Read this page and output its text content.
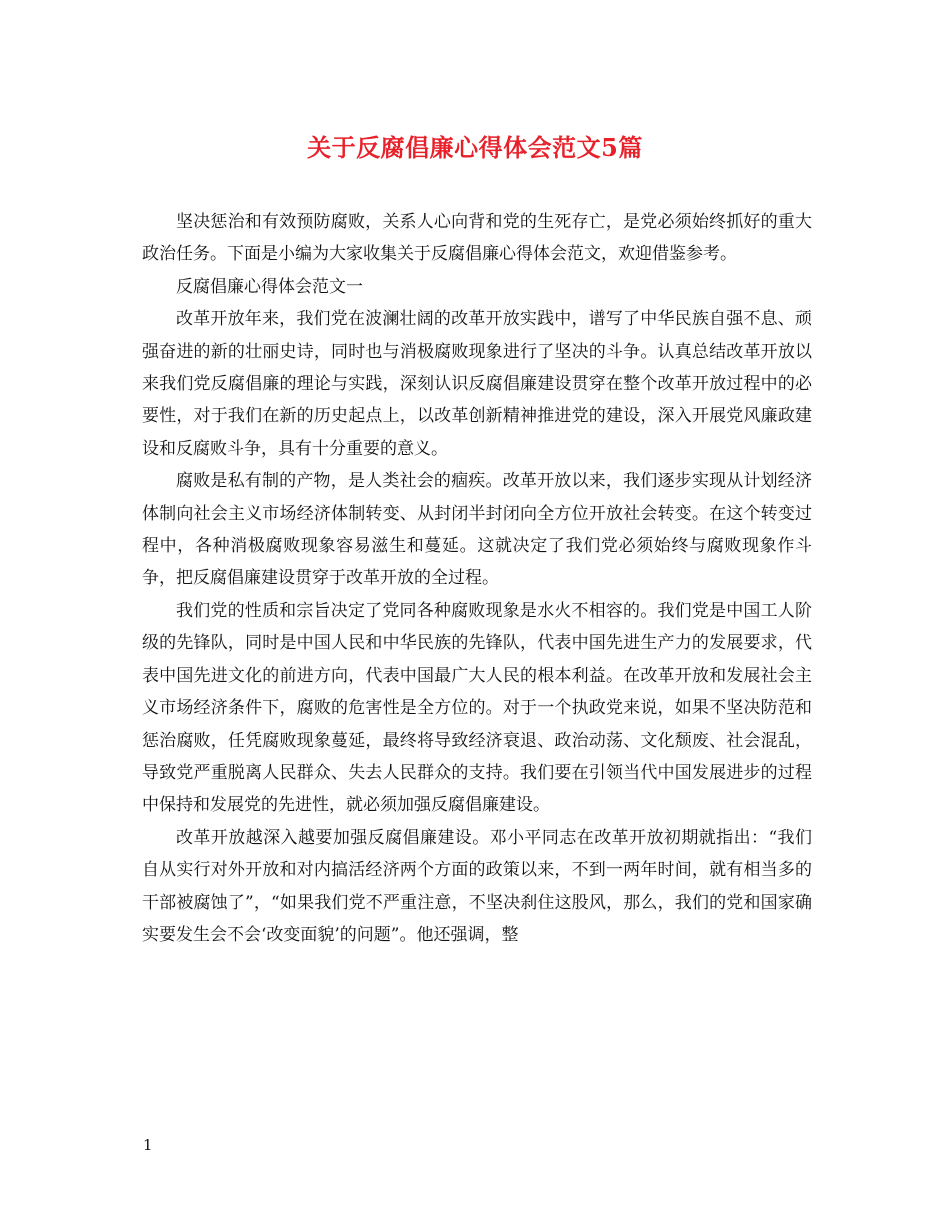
关于反腐倡廉心得体会范文5篇

坚决惩治和有效预防腐败，关系人心向背和党的生死存亡，是党必须始终抓好的重大政治任务。下面是小编为大家收集关于反腐倡廉心得体会范文，欢迎借鉴参考。

反腐倡廉心得体会范文一

改革开放年来，我们党在波澜壮阔的改革开放实践中，谱写了中华民族自强不息、顽强奋进的新的壮丽史诗，同时也与消极腐败现象进行了坚决的斗争。认真总结改革开放以来我们党反腐倡廉的理论与实践，深刻认识反腐倡廉建设贯穿在整个改革开放过程中的必要性，对于我们在新的历史起点上，以改革创新精神推进党的建设，深入开展党风廉政建设和反腐败斗争，具有十分重要的意义。

腐败是私有制的产物，是人类社会的痼疾。改革开放以来，我们逐步实现从计划经济体制向社会主义市场经济体制转变、从封闭半封闭向全方位开放社会转变。在这个转变过程中，各种消极腐败现象容易滋生和蔓延。这就决定了我们党必须始终与腐败现象作斗争，把反腐倡廉建设贯穿于改革开放的全过程。

我们党的性质和宗旨决定了党同各种腐败现象是水火不相容的。我们党是中国工人阶级的先锋队，同时是中国人民和中华民族的先锋队，代表中国先进生产力的发展要求，代表中国先进文化的前进方向，代表中国最广大人民的根本利益。在改革开放和发展社会主义市场经济条件下，腐败的危害性是全方位的。对于一个执政党来说，如果不坚决防范和惩治腐败，任凭腐败现象蔓延，最终将导致经济衰退、政治动荡、文化颓废、社会混乱，导致党严重脱离人民群众、失去人民群众的支持。我们要在引领当代中国发展进步的过程中保持和发展党的先进性，就必须加强反腐倡廉建设。

改革开放越深入越要加强反腐倡廉建设。邓小平同志在改革开放初期就指出：“我们自从实行对外开放和对内搞活经济两个方面的政策以来，不到一两年时间，就有相当多的干部被腐蚀了”，“如果我们党不严重注意，不坚决刹住这股风，那么，我们的党和国家确实要发生会不会‘改变面貌’的问题”。他还强调，整

1
